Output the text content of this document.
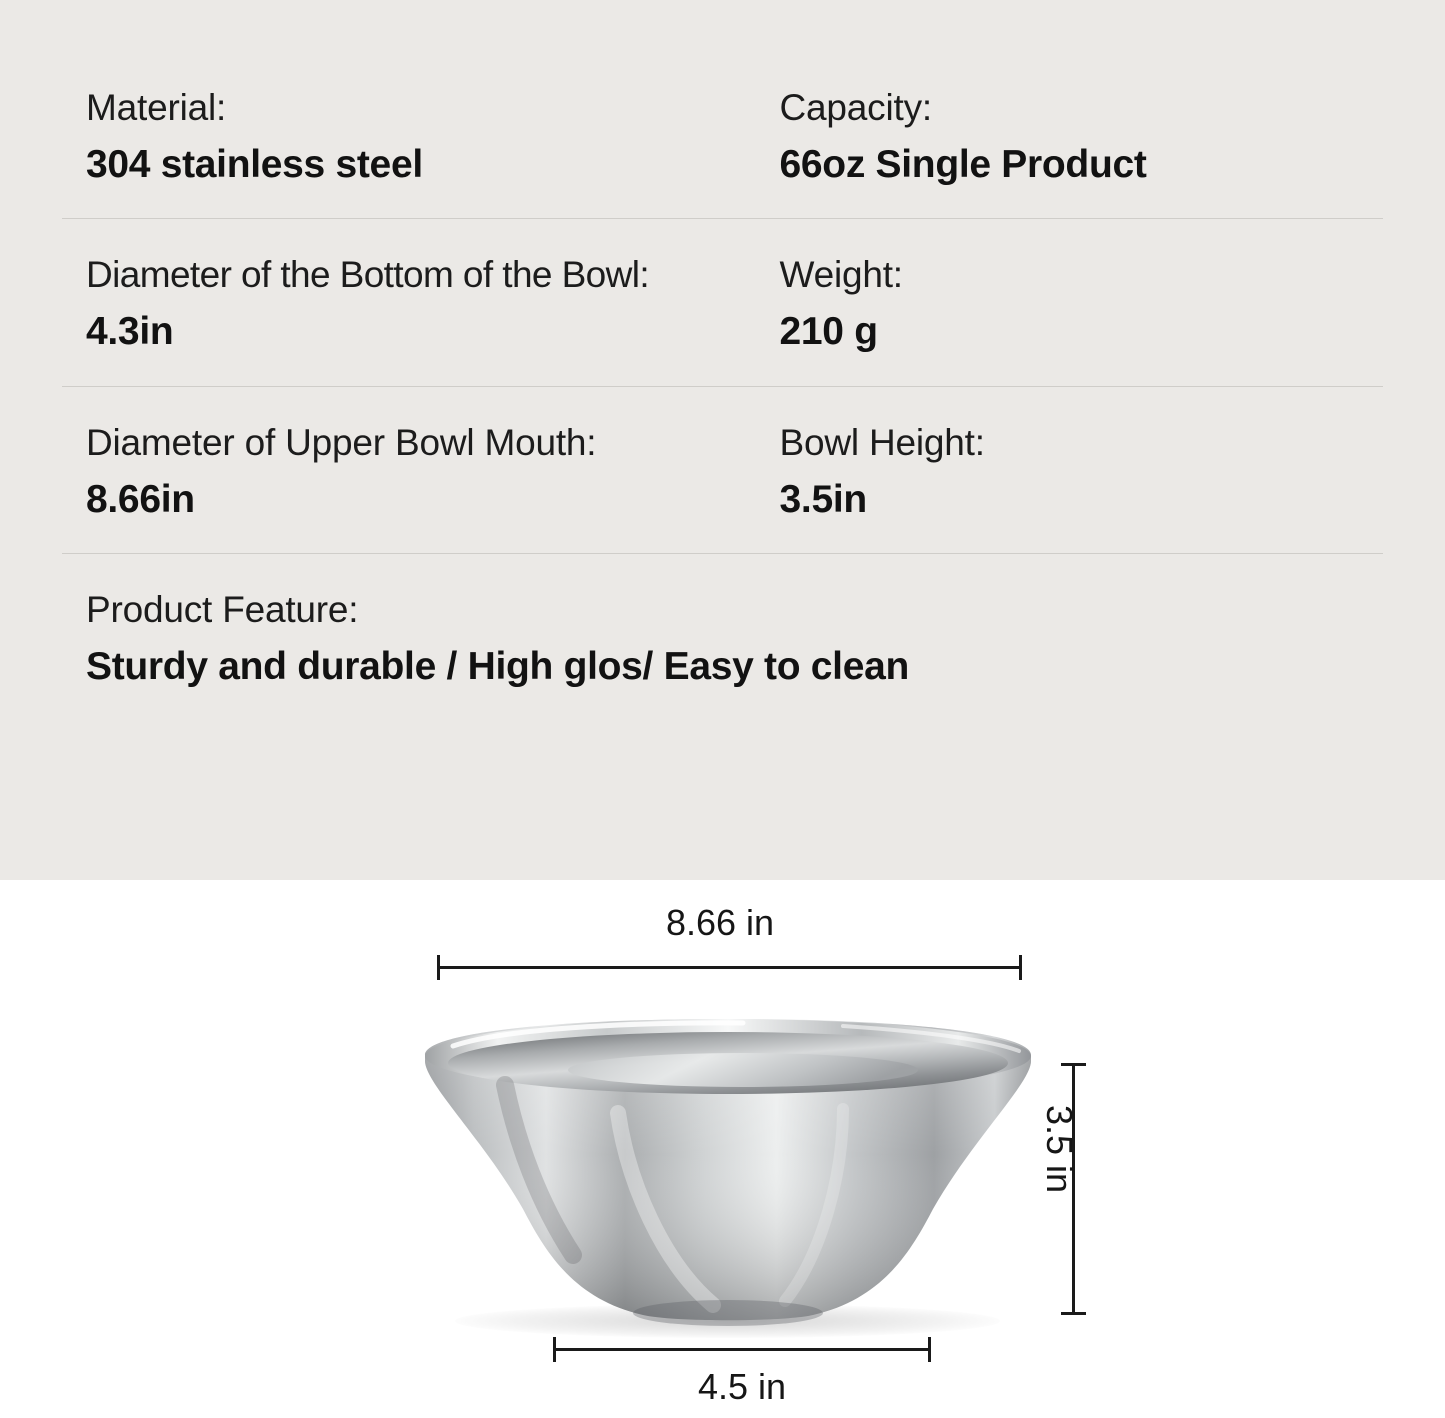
Material:
304 stainless steel
Capacity:
66oz Single Product
Diameter of the Bottom of the Bowl:
4.3in
Weight:
210 g
Diameter of Upper Bowl Mouth:
8.66in
Bowl Height:
3.5in
Product Feature:
Sturdy and durable / High glos/ Easy to clean
8.66 in
3.5 in
4.5 in
